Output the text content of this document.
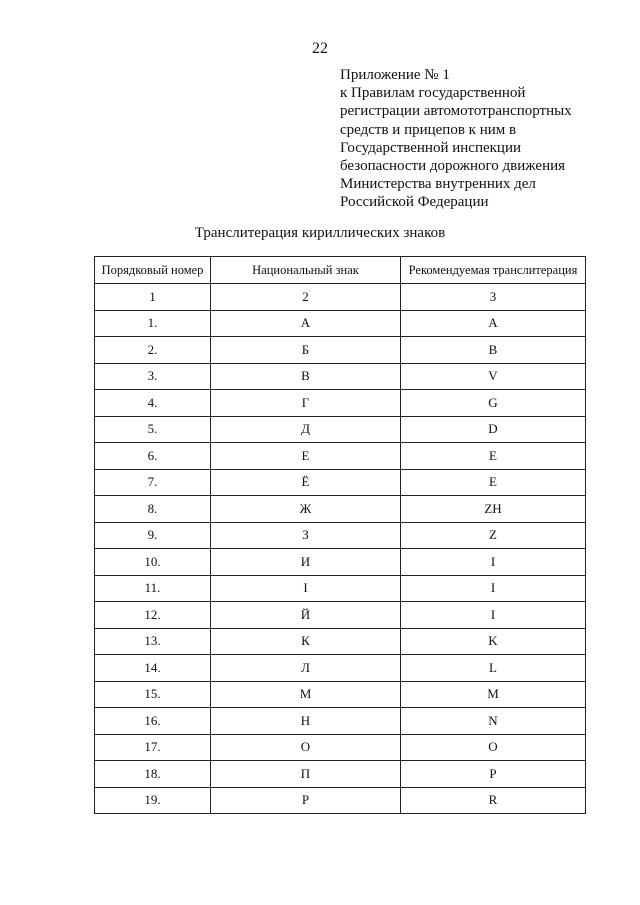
22
Приложение № 1
к Правилам государственной
регистрации автомототранспортных
средств и прицепов к ним в
Государственной инспекции
безопасности дорожного движения
Министерства внутренних дел
Российской Федерации
Транслитерация кириллических знаков
Порядковый номер	Национальный знак	Рекомендуемая транслитерация
1	2	3
1.	А	A
2.	Б	B
3.	В	V
4.	Г	G
5.	Д	D
6.	Е	E
7.	Ё	E
8.	Ж	ZH
9.	З	Z
10.	И	I
11.	I	I
12.	Й	I
13.	К	K
14.	Л	L
15.	М	M
16.	Н	N
17.	О	O
18.	П	P
19.	Р	R
